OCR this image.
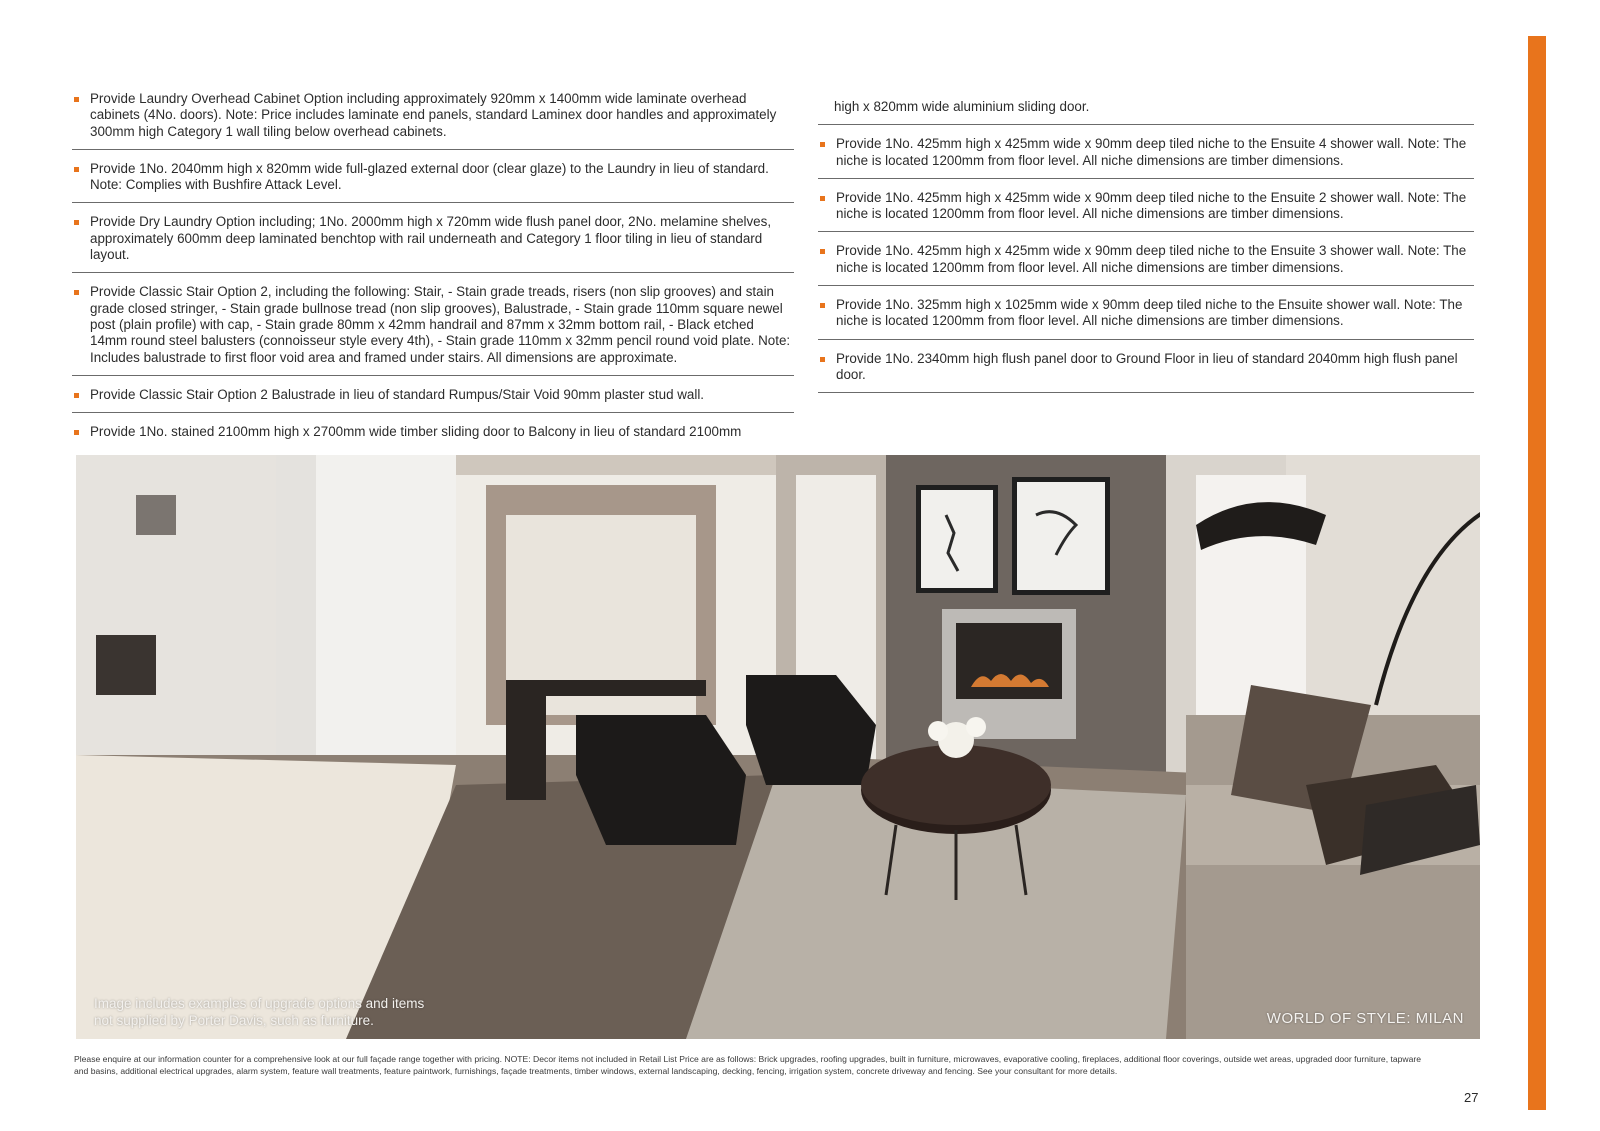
Provide Laundry Overhead Cabinet Option including approximately 920mm x 1400mm wide laminate overhead cabinets (4No. doors). Note: Price includes laminate end panels, standard Laminex door handles and approximately 300mm high Category 1 wall tiling below overhead cabinets.
Provide 1No. 2040mm high x 820mm wide full-glazed external door (clear glaze) to the Laundry in lieu of standard. Note: Complies with Bushfire Attack Level.
Provide Dry Laundry Option including; 1No. 2000mm high x 720mm wide flush panel door, 2No. melamine shelves, approximately 600mm deep laminated benchtop with rail underneath and Category 1 floor tiling in lieu of standard layout.
Provide Classic Stair Option 2, including the following: Stair, - Stain grade treads, risers (non slip grooves) and stain grade closed stringer, - Stain grade bullnose tread (non slip grooves), Balustrade, - Stain grade 110mm square newel post (plain profile) with cap, - Stain grade 80mm x 42mm handrail and 87mm x 32mm bottom rail, - Black etched 14mm round steel balusters (connoisseur style every 4th), - Stain grade 110mm x 32mm pencil round void plate. Note: Includes balustrade to first floor void area and framed under stairs. All dimensions are approximate.
Provide Classic Stair Option 2 Balustrade in lieu of standard Rumpus/Stair Void 90mm plaster stud wall.
Provide 1No. stained 2100mm high x 2700mm wide timber sliding door to Balcony in lieu of standard 2100mm
high x 820mm wide aluminium sliding door.
Provide 1No. 425mm high x 425mm wide x 90mm deep tiled niche to the Ensuite 4 shower wall. Note: The niche is located 1200mm from floor level. All niche dimensions are timber dimensions.
Provide 1No. 425mm high x 425mm wide x 90mm deep tiled niche to the Ensuite 2 shower wall. Note: The niche is located 1200mm from floor level. All niche dimensions are timber dimensions.
Provide 1No. 425mm high x 425mm wide x 90mm deep tiled niche to the Ensuite 3 shower wall. Note: The niche is located 1200mm from floor level. All niche dimensions are timber dimensions.
Provide 1No. 325mm high x 1025mm wide x 90mm deep tiled niche to the Ensuite shower wall. Note: The niche is located 1200mm from floor level. All niche dimensions are timber dimensions.
Provide 1No. 2340mm high flush panel door to Ground Floor in lieu of standard 2040mm high flush panel door.
Image includes examples of upgrade options and items not supplied by Porter Davis, such as furniture.	WORLD OF STYLE: MILAN
Please enquire at our information counter for a comprehensive look at our full façade range together with pricing. NOTE: Decor items not included in Retail List Price are as follows: Brick upgrades, roofing upgrades, built in furniture, microwaves, evaporative cooling, fireplaces, additional floor coverings, outside wet areas, upgraded door furniture, tapware and basins, additional electrical upgrades, alarm system, feature wall treatments, feature paintwork, furnishings, façade treatments, timber windows, external landscaping, decking, fencing, irrigation system, concrete driveway and fencing. See your consultant for more details.
27
